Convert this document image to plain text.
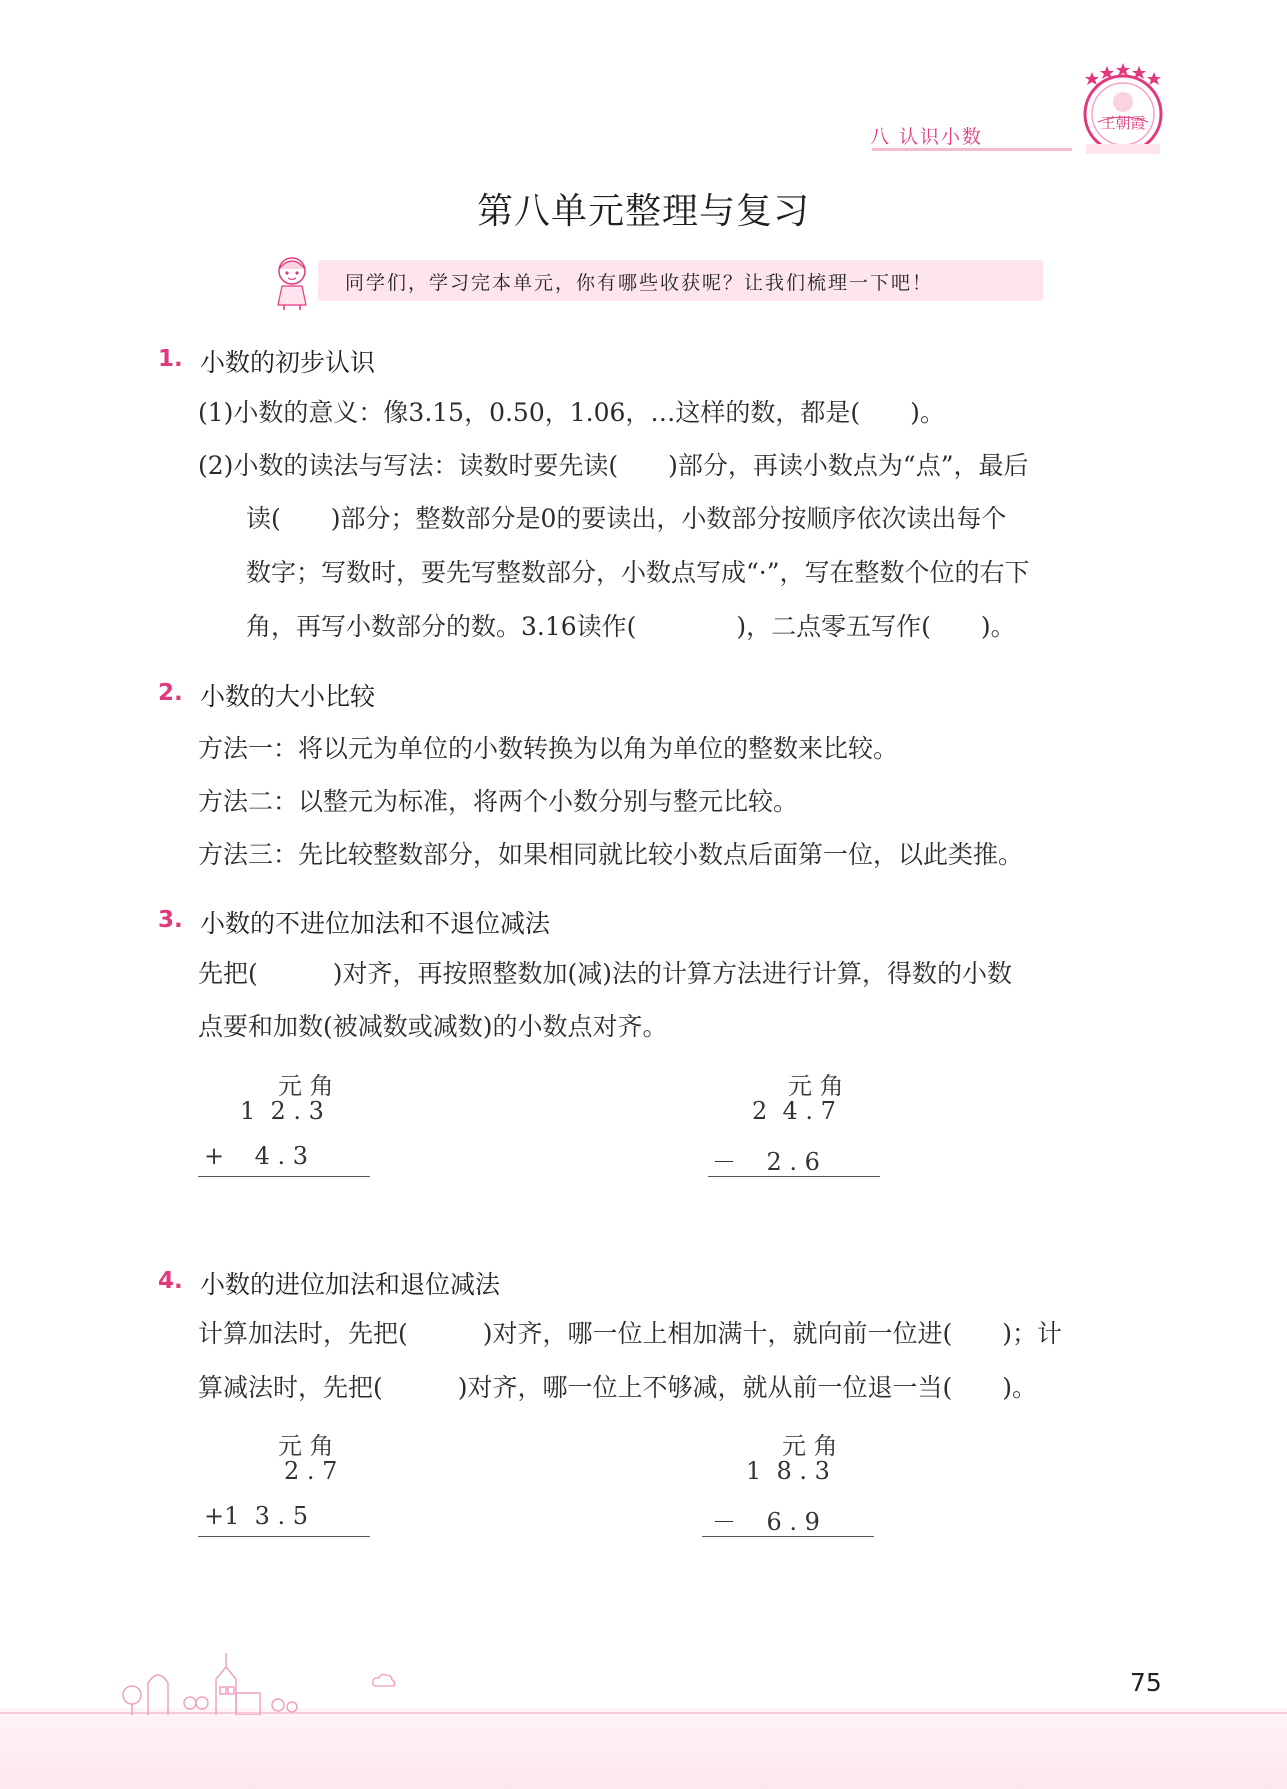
八 认识小数
王朝霞
第八单元整理与复习
同学们，学习完本单元，你有哪些收获呢？让我们梳理一下吧！
1. 小数的初步认识
(1)小数的意义：像3.15，0.50，1.06，…这样的数，都是(　　)。
(2)小数的读法与写法：读数时要先读(　　)部分，再读小数点为“点”，最后
读(　　)部分；整数部分是0的要读出，小数部分按顺序依次读出每个
数字；写数时，要先写整数部分，小数点写成“·”，写在整数个位的右下
角，再写小数部分的数。3.16读作(　　　　)，二点零五写作(　　)。
2. 小数的大小比较
方法一：将以元为单位的小数转换为以角为单位的整数来比较。
方法二：以整元为标准，将两个小数分别与整元比较。
方法三：先比较整数部分，如果相同就比较小数点后面第一位，以此类推。
3. 小数的不进位加法和不退位减法
先把(　　　)对齐，再按照整数加(减)法的计算方法进行计算，得数的小数
点要和加数(被减数或减数)的小数点对齐。
元 角
1  2 . 3
+    4 . 3
元 角
2  4 . 7
－    2 . 6
4. 小数的进位加法和退位减法
计算加法时，先把(　　　)对齐，哪一位上相加满十，就向前一位进(　　)；计
算减法时，先把(　　　)对齐，哪一位上不够减，就从前一位退一当(　　)。
元 角
2 . 7
+1  3 . 5
元 角
1  8 . 3
－    6 . 9
75
